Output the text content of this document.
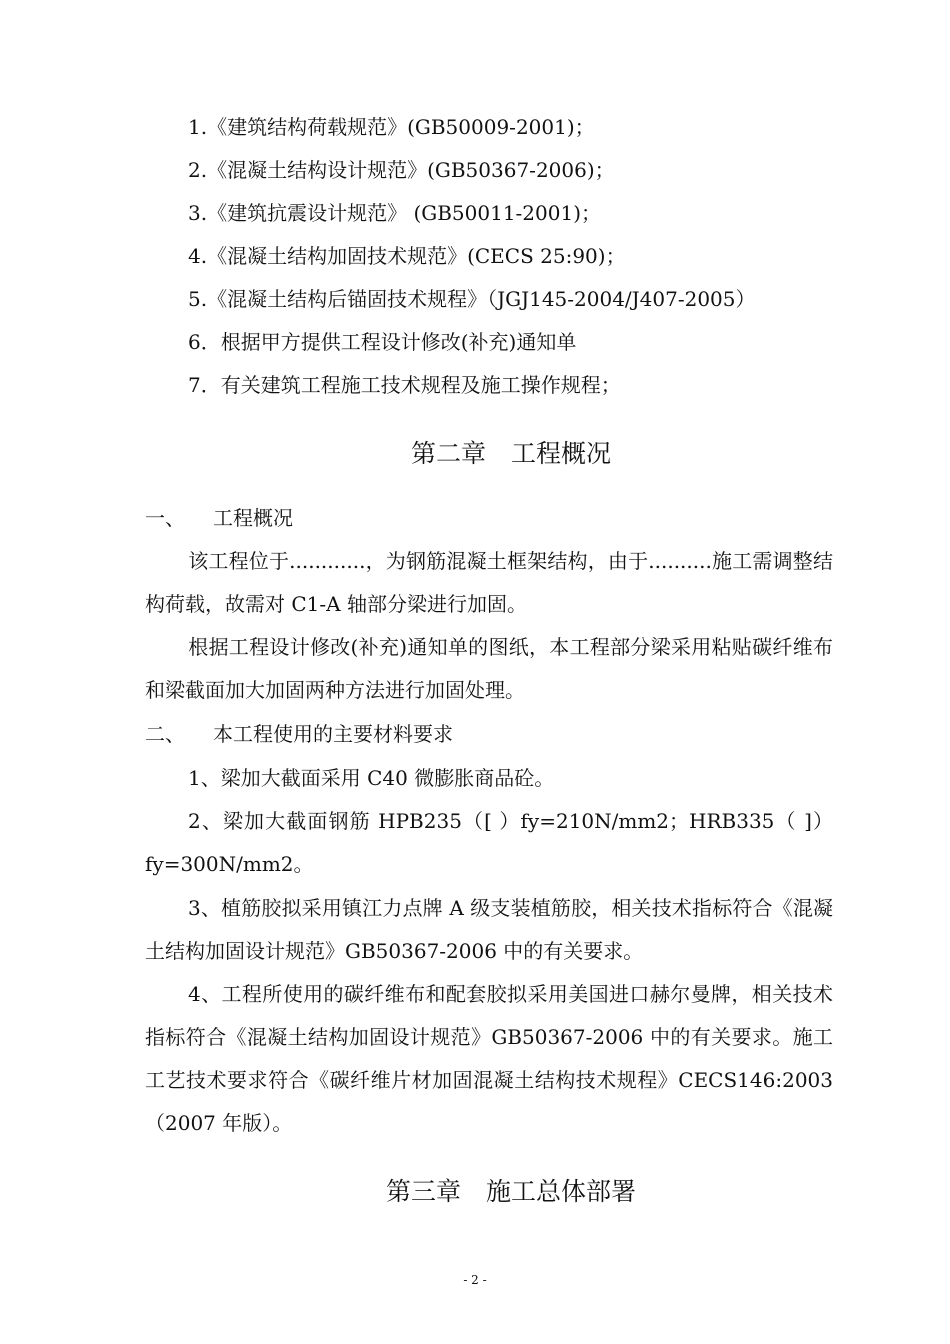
1.《建筑结构荷载规范》(GB50009-2001)；
2.《混凝土结构设计规范》(GB50367-2006)；
3.《建筑抗震设计规范》 (GB50011-2001)；
4.《混凝土结构加固技术规范》(CECS 25:90)；
5.《混凝土结构后锚固技术规程》（JGJ145-2004/J407-2005）
6．根据甲方提供工程设计修改(补充)通知单
7．有关建筑工程施工技术规程及施工操作规程；
第二章　工程概况
一、 工程概况

该工程位于............，为钢筋混凝土框架结构，由于..........施工需调整结构荷载，故需对 C1-A 轴部分梁进行加固。

根据工程设计修改(补充)通知单的图纸，本工程部分梁采用粘贴碳纤维布和梁截面加大加固两种方法进行加固处理。

二、 本工程使用的主要材料要求

1、梁加大截面采用 C40 微膨胀商品砼。

2、梁加大截面钢筋 HPB235（[ ）fy=210N/mm2；HRB335（ ]）fy=300N/mm2。

3、植筋胶拟采用镇江力点牌 A 级支装植筋胶，相关技术指标符合《混凝土结构加固设计规范》GB50367-2006 中的有关要求。

4、工程所使用的碳纤维布和配套胶拟采用美国进口赫尔曼牌，相关技术指标符合《混凝土结构加固设计规范》GB50367-2006 中的有关要求。施工工艺技术要求符合《碳纤维片材加固混凝土结构技术规程》CECS146:2003（2007 年版）。

第三章　施工总体部署
- 2 -
